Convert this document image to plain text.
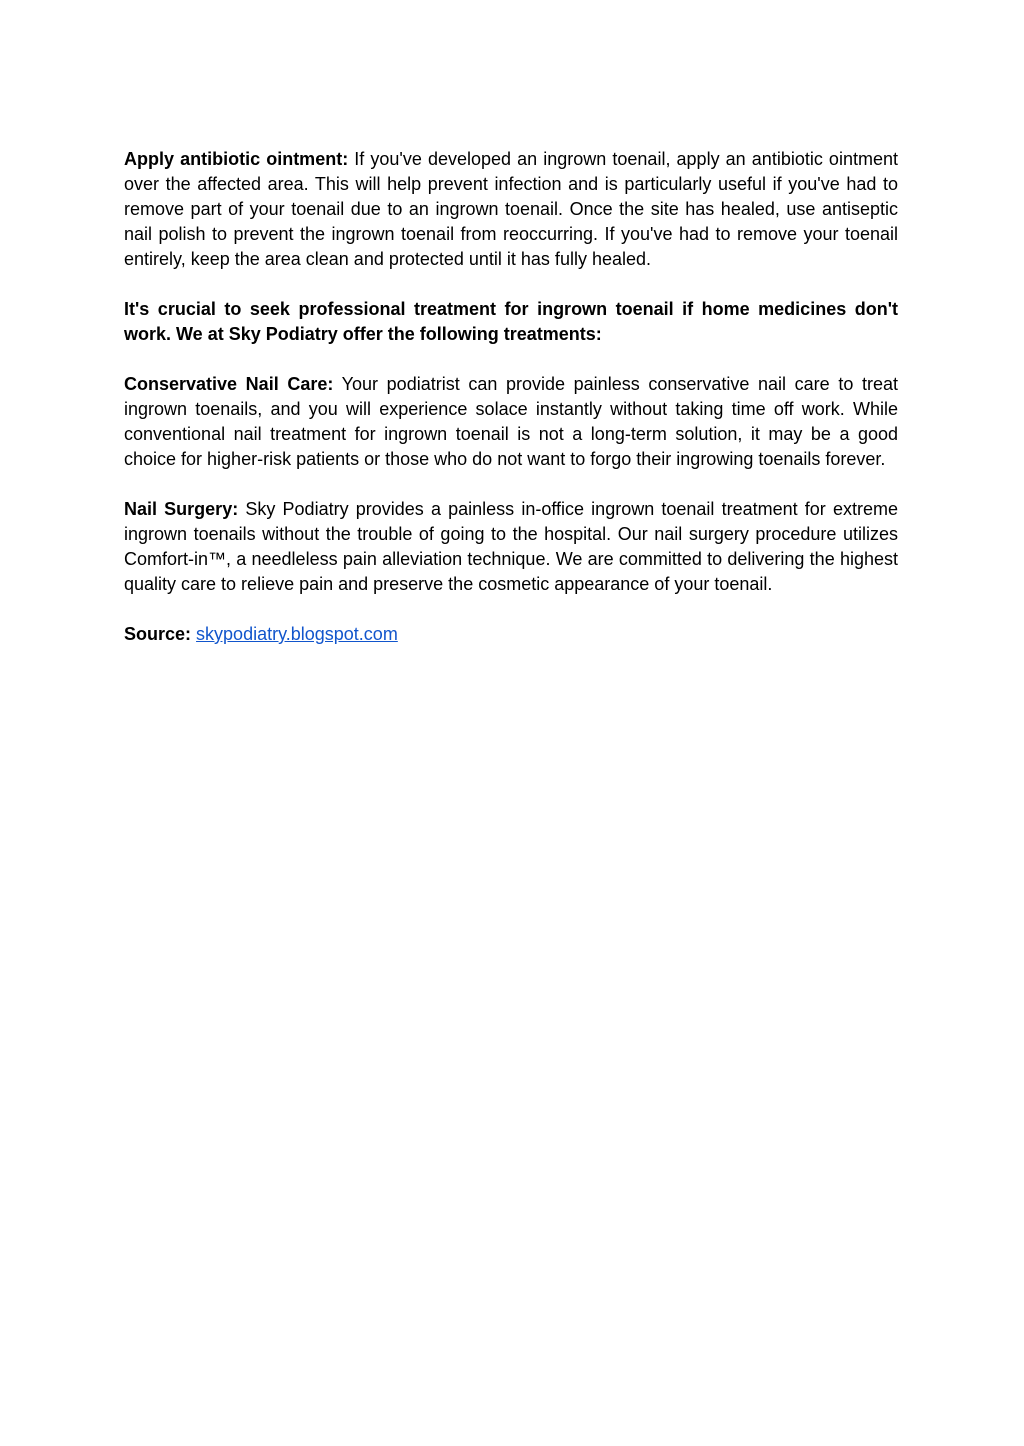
Apply antibiotic ointment: If you've developed an ingrown toenail, apply an antibiotic ointment over the affected area. This will help prevent infection and is particularly useful if you've had to remove part of your toenail due to an ingrown toenail. Once the site has healed, use antiseptic nail polish to prevent the ingrown toenail from reoccurring. If you've had to remove your toenail entirely, keep the area clean and protected until it has fully healed.

It's crucial to seek professional treatment for ingrown toenail if home medicines don't work. We at Sky Podiatry offer the following treatments:

Conservative Nail Care: Your podiatrist can provide painless conservative nail care to treat ingrown toenails, and you will experience solace instantly without taking time off work. While conventional nail treatment for ingrown toenail is not a long-term solution, it may be a good choice for higher-risk patients or those who do not want to forgo their ingrowing toenails forever.

Nail Surgery: Sky Podiatry provides a painless in-office ingrown toenail treatment for extreme ingrown toenails without the trouble of going to the hospital. Our nail surgery procedure utilizes Comfort-in™, a needleless pain alleviation technique. We are committed to delivering the highest quality care to relieve pain and preserve the cosmetic appearance of your toenail.

Source: skypodiatry.blogspot.com
